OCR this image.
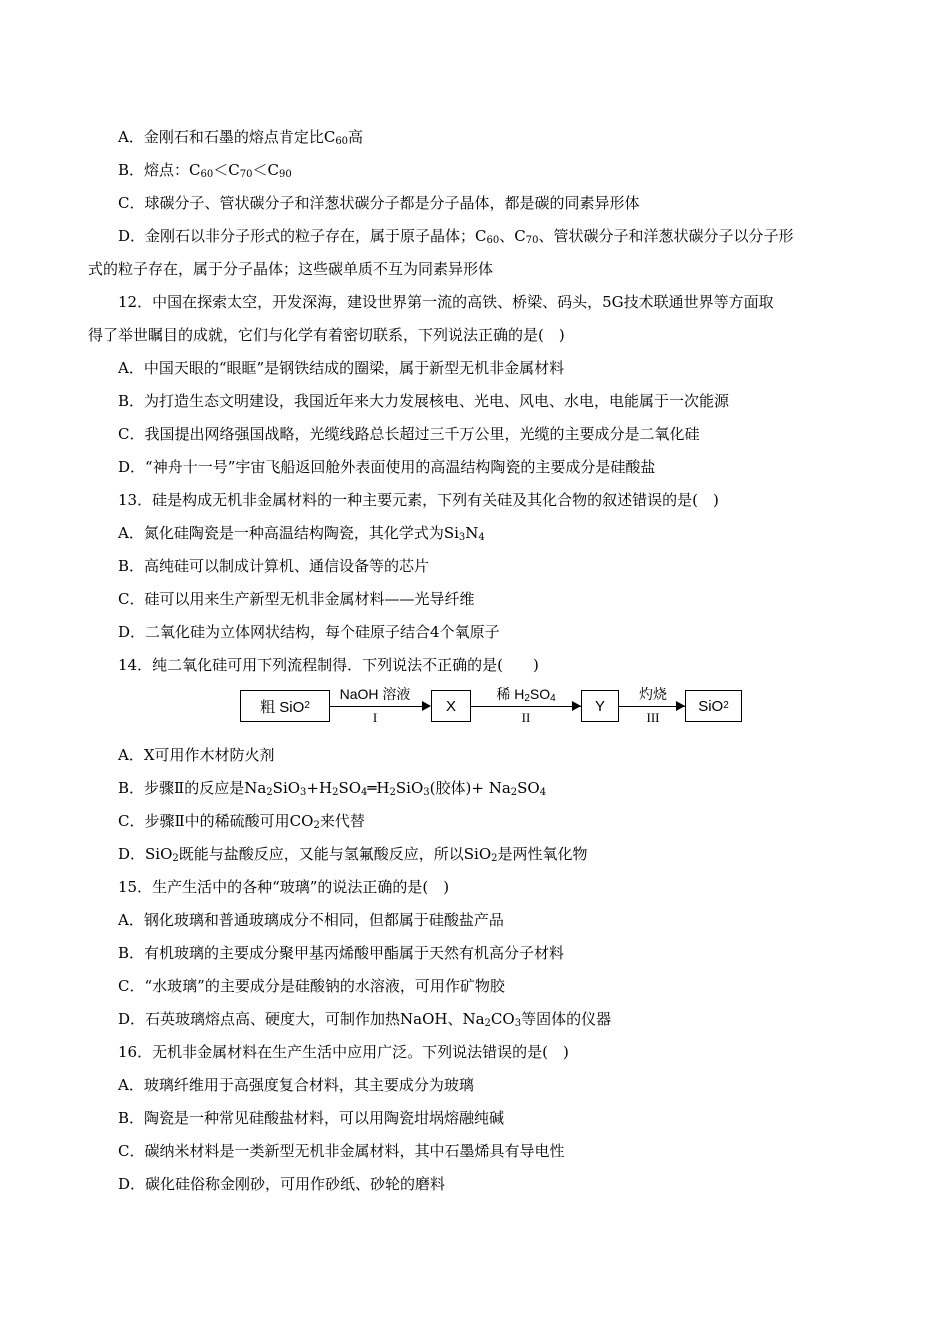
A．金刚石和石墨的熔点肯定比$C_{60}$高
B．熔点：$C_{60}<C_{70}<C_{90}$
C．球碳分子、管状碳分子和洋葱状碳分子都是分子晶体，都是碳的同素异形体
D．金刚石以非分子形式的粒子存在，属于原子晶体；$C_{60}$、$C_{70}$、管状碳分子和洋葱状碳分子以分子形
式的粒子存在，属于分子晶体；这些碳单质不互为同素异形体
12．中国在探索太空，开发深海，建设世界第一流的高铁、桥梁、码头，5G技术联通世界等方面取
得了举世瞩目的成就，它们与化学有着密切联系，下列说法正确的是(　)
A．中国天眼的“眼眶”是钢铁结成的圈梁，属于新型无机非金属材料
B．为打造生态文明建设，我国近年来大力发展核电、光电、风电、水电，电能属于一次能源
C．我国提出网络强国战略，光缆线路总长超过三千万公里，光缆的主要成分是二氧化硅
D．“神舟十一号”宇宙飞船返回舱外表面使用的高温结构陶瓷的主要成分是硅酸盐
13．硅是构成无机非金属材料的一种主要元素，下列有关硅及其化合物的叙述错误的是(　)
A．氮化硅陶瓷是一种高温结构陶瓷，其化学式为$Si_3N_4$
B．高纯硅可以制成计算机、通信设备等的芯片
C．硅可以用来生产新型无机非金属材料——光导纤维
D．二氧化硅为立体网状结构，每个硅原子结合4个氧原子
14．纯二氧化硅可用下列流程制得．下列说法不正确的是(　　)
粗 SiO 2
NaOH 溶液
I
X
稀 $H_2SO_4$
II
Y
灼烧
III
SiO 2
A．X可用作木材防火剂
B．步骤Ⅱ的反应是$Na_2SiO_3+H_2SO_4═H_2SiO_3$(胶体)+ $Na_2SO_4$
C．步骤Ⅱ中的稀硫酸可用$CO_2$来代替
D．SiO$_2$既能与盐酸反应，又能与氢氟酸反应，所以SiO$_2$是两性氧化物
15．生产生活中的各种“玻璃”的说法正确的是(　)
A．钢化玻璃和普通玻璃成分不相同，但都属于硅酸盐产品
B．有机玻璃的主要成分聚甲基丙烯酸甲酯属于天然有机高分子材料
C．“水玻璃”的主要成分是硅酸钠的水溶液，可用作矿物胶
D．石英玻璃熔点高、硬度大，可制作加热NaOH、$Na_2CO_3$等固体的仪器
16．无机非金属材料在生产生活中应用广泛。下列说法错误的是(　)
A．玻璃纤维用于高强度复合材料，其主要成分为玻璃
B．陶瓷是一种常见硅酸盐材料，可以用陶瓷坩埚熔融纯碱
C．碳纳米材料是一类新型无机非金属材料，其中石墨烯具有导电性
D．碳化硅俗称金刚砂，可用作砂纸、砂轮的磨料
